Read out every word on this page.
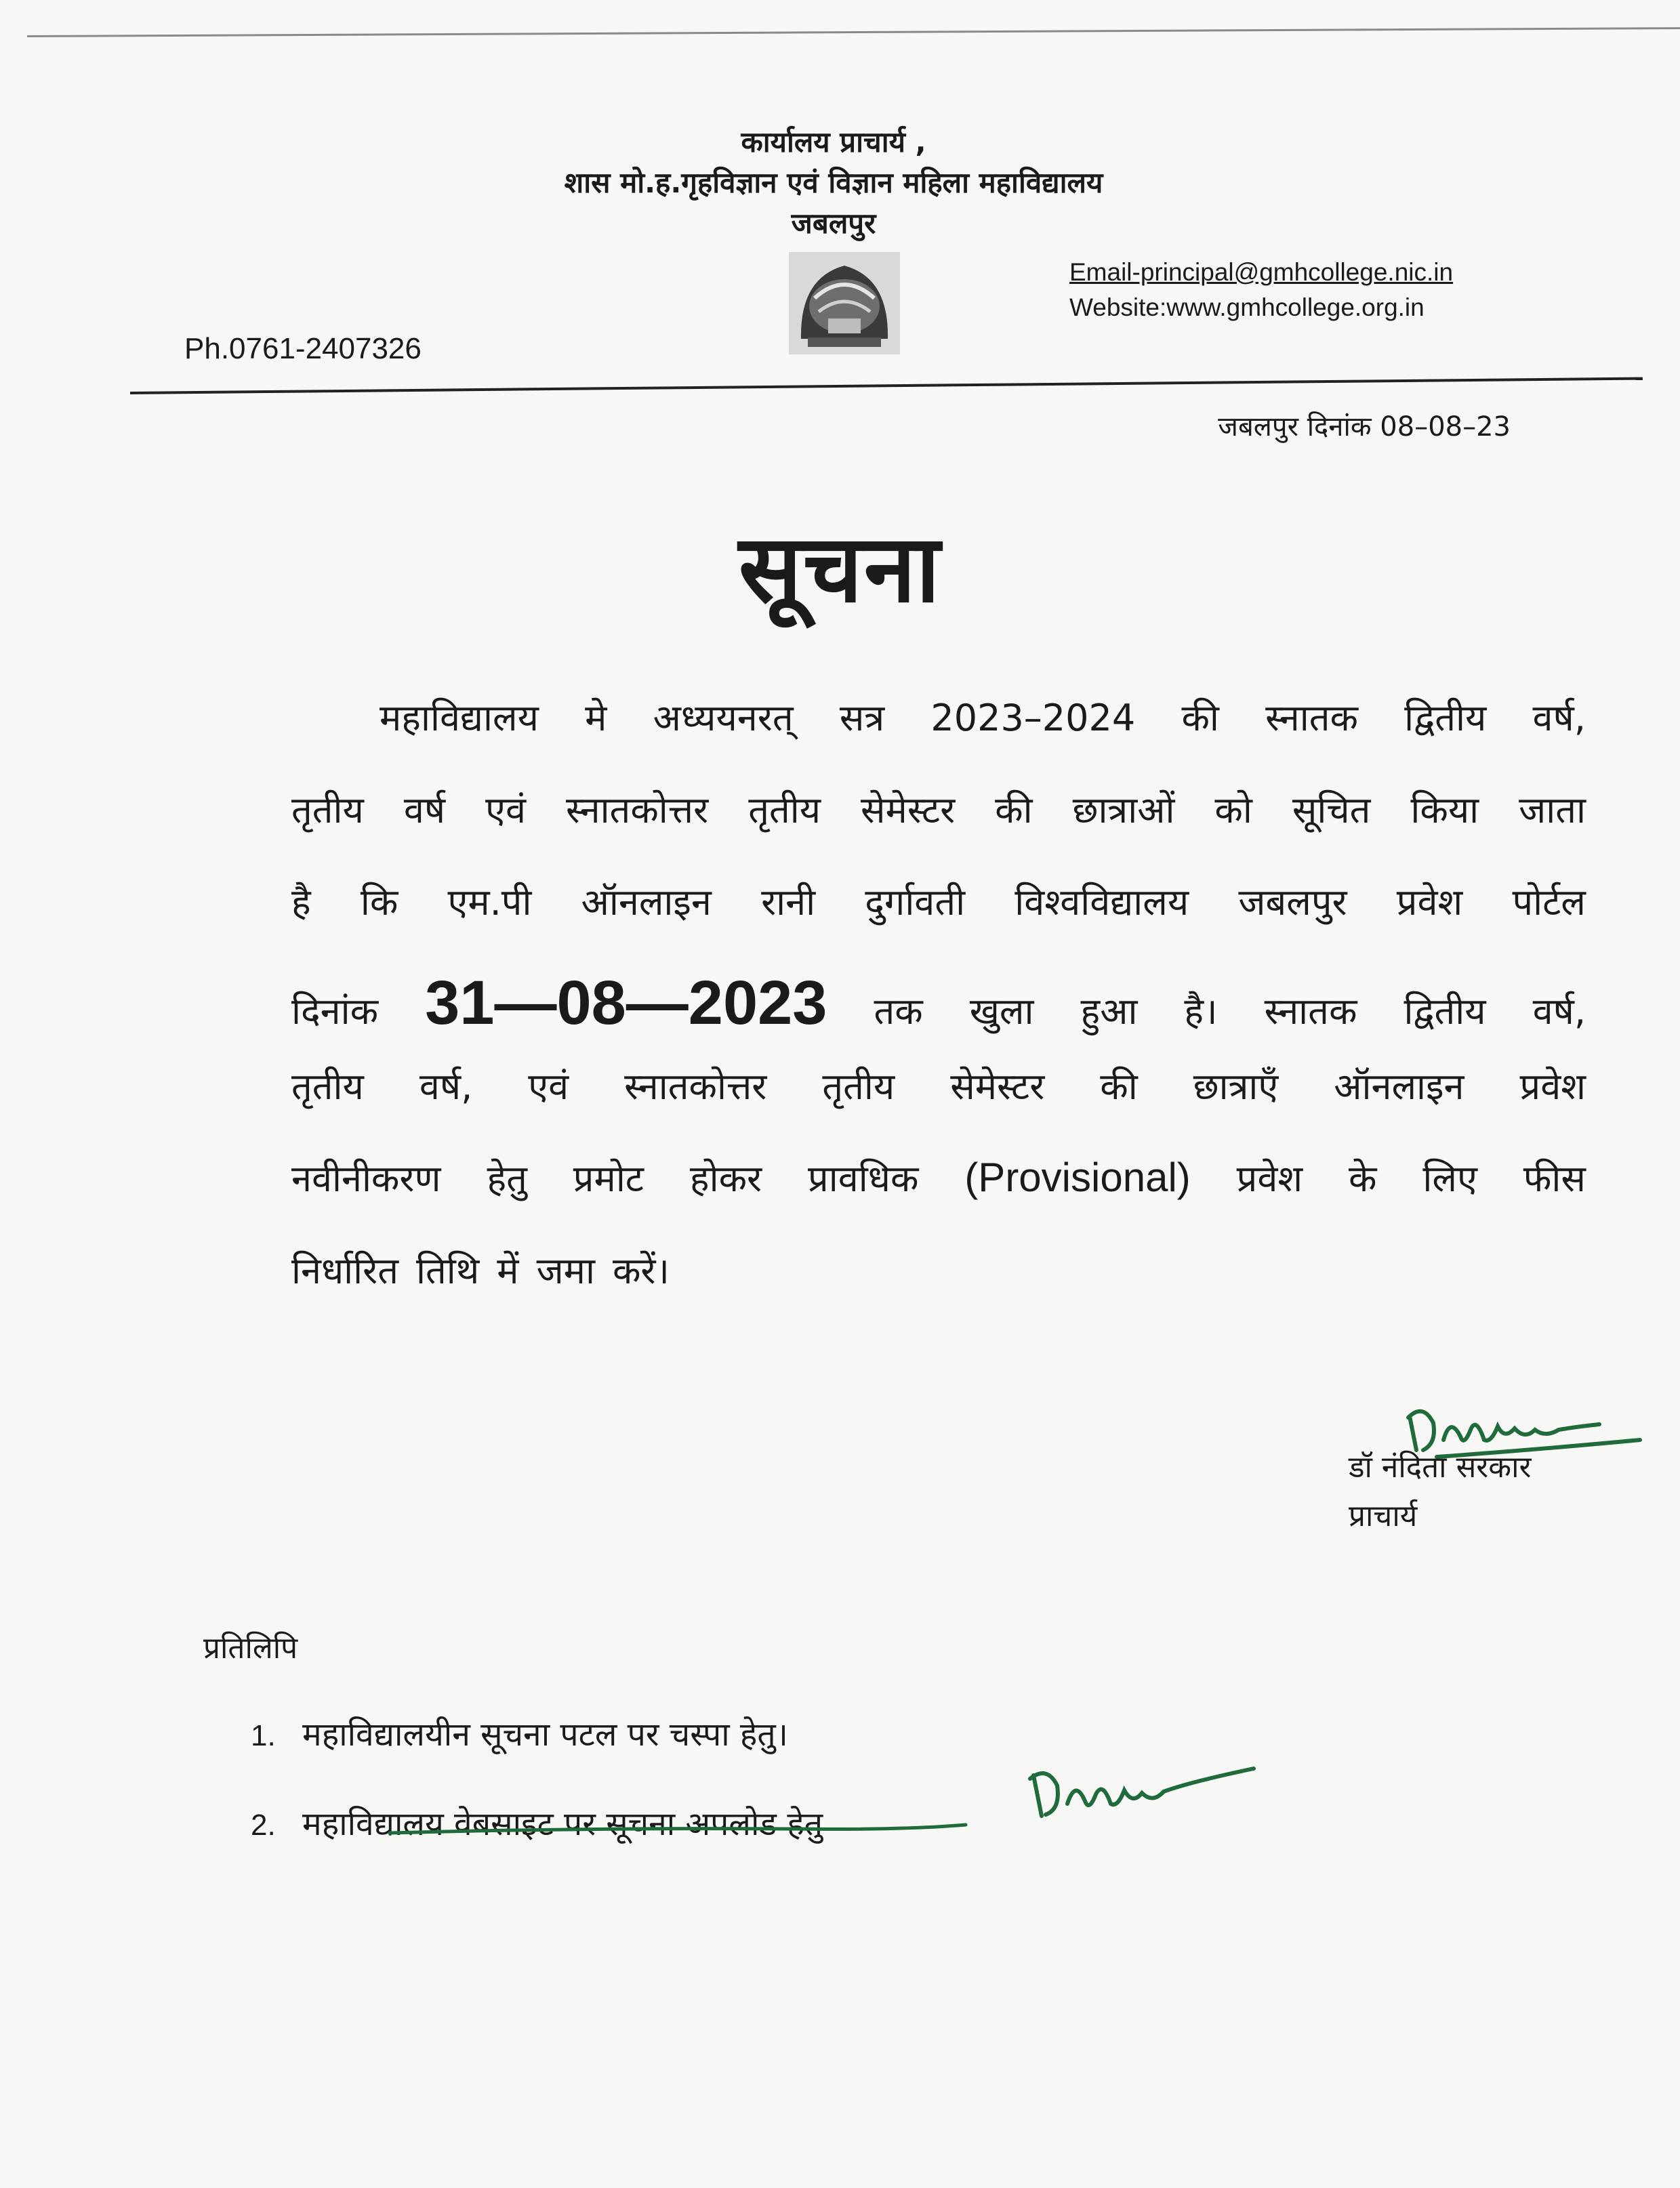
कार्यालय प्राचार्य ,
शास मो.ह.गृहविज्ञान एवं विज्ञान महिला महाविद्यालय
जबलपुर
Email-principal@gmhcollege.nic.in
Website:www.gmhcollege.org.in
Ph.0761-2407326
जबलपुर दिनांक 08–08–23
सूचना
महाविद्यालय मे अध्ययनरत् सत्र 2023–2024 की स्नातक द्वितीय वर्ष,
तृतीय वर्ष एवं स्नातकोत्तर तृतीय सेमेस्टर की छात्राओं को सूचित किया जाता
है कि एम.पी ऑनलाइन रानी दुर्गावती विश्वविद्यालय जबलपुर प्रवेश पोर्टल
दिनांक 31—08—2023 तक खुला हुआ है। स्नातक द्वितीय वर्ष,
तृतीय वर्ष, एवं स्नातकोत्तर तृतीय सेमेस्टर की छात्राएँ ऑनलाइन प्रवेश
नवीनीकरण हेतु प्रमोट होकर प्रावधिक (Provisional) प्रवेश के लिए फीस
निर्धारित तिथि में जमा करें।
डॉ नंदिता सरकार
प्राचार्य
प्रतिलिपि
1. महाविद्यालयीन सूचना पटल पर चस्पा हेतु।
2. महाविद्यालय वेबसाइट पर सूचना अपलोड हेतु
